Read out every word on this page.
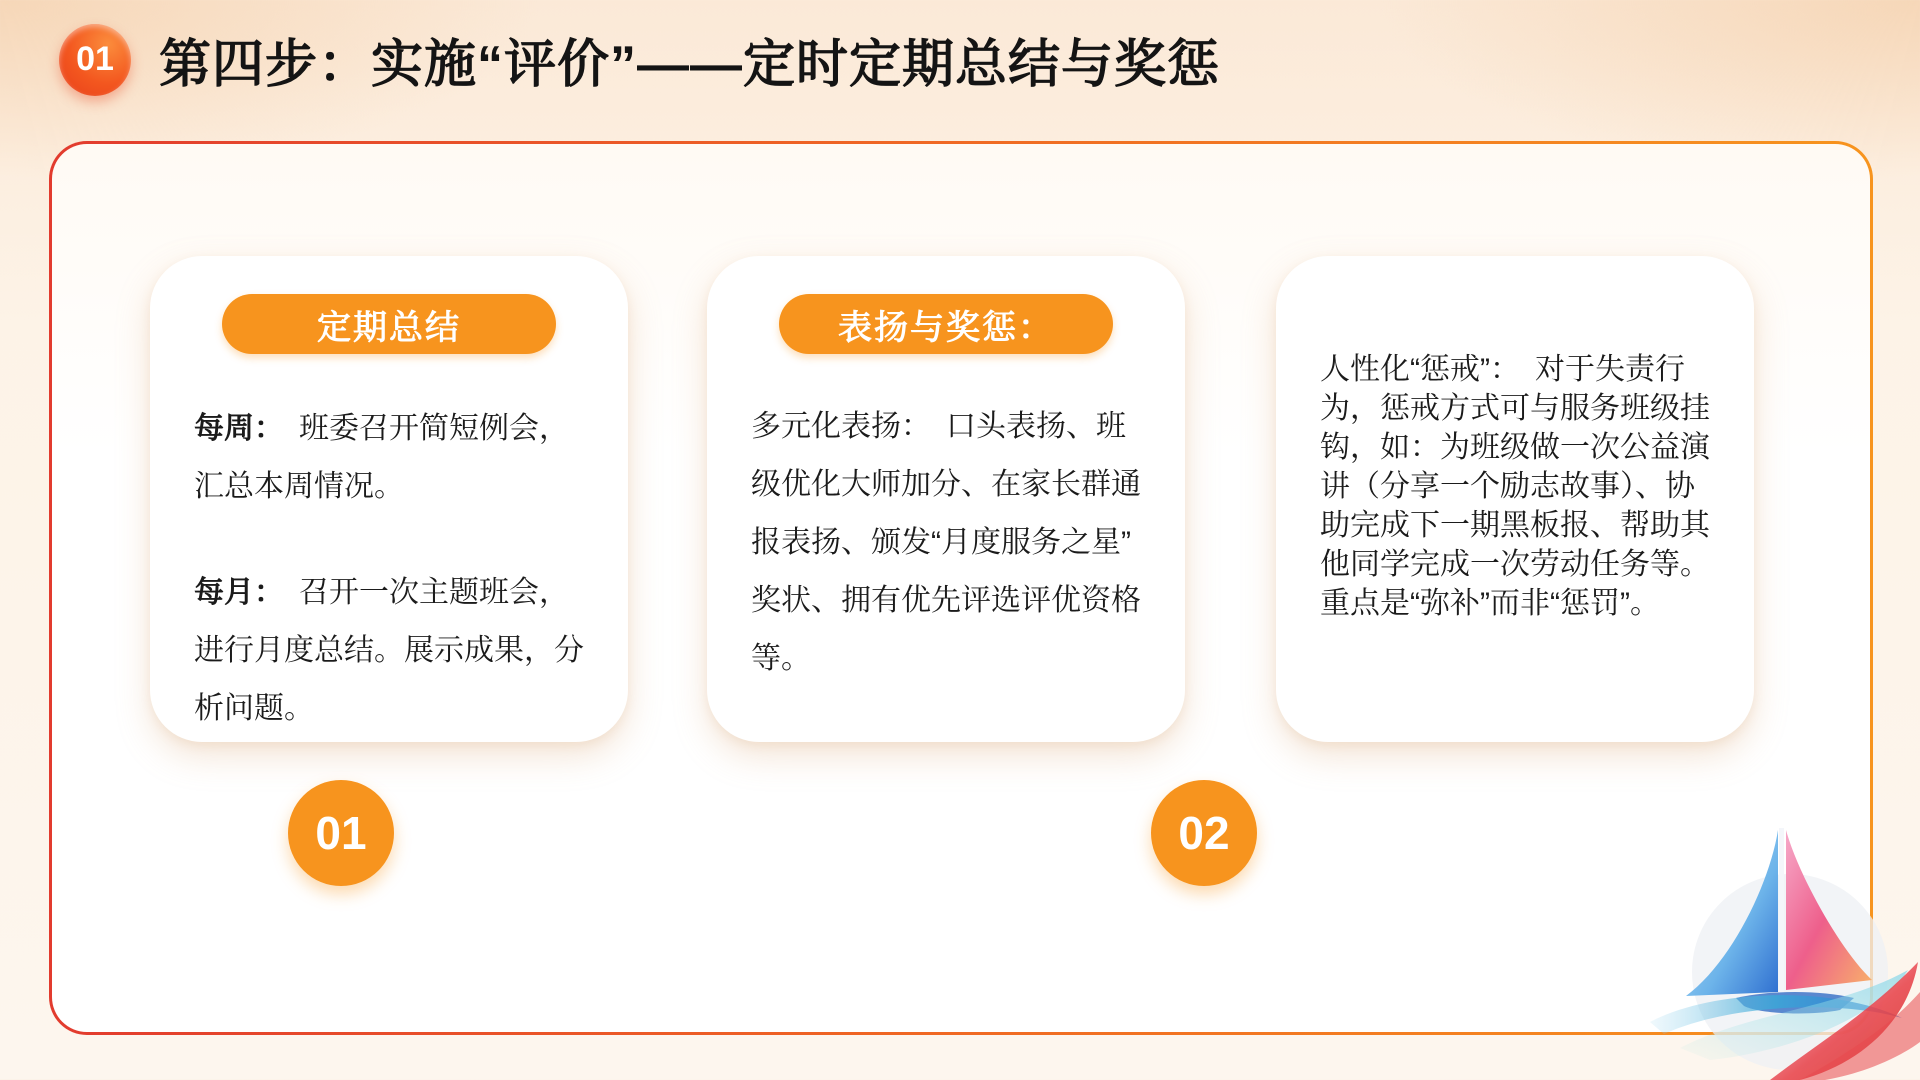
01 第四步：实施“评价”——定时定期总结与奖惩
定期总结

每周：　班委召开简短例会，汇总本周情况。

每月：　召开一次主题班会，进行月度总结。展示成果，分析问题。

表扬与奖惩：

多元化表扬：　口头表扬、班级优化大师加分、在家长群通报表扬、颁发“月度服务之星”奖状、拥有优先评选评优资格等。

人性化“惩戒”：　对于失责行为，惩戒方式可与服务班级挂钩，如：为班级做一次公益演讲（分享一个励志故事）、协助完成下一期黑板报、帮助其他同学完成一次劳动任务等。重点是“弥补”而非“惩罚”。

01	02
